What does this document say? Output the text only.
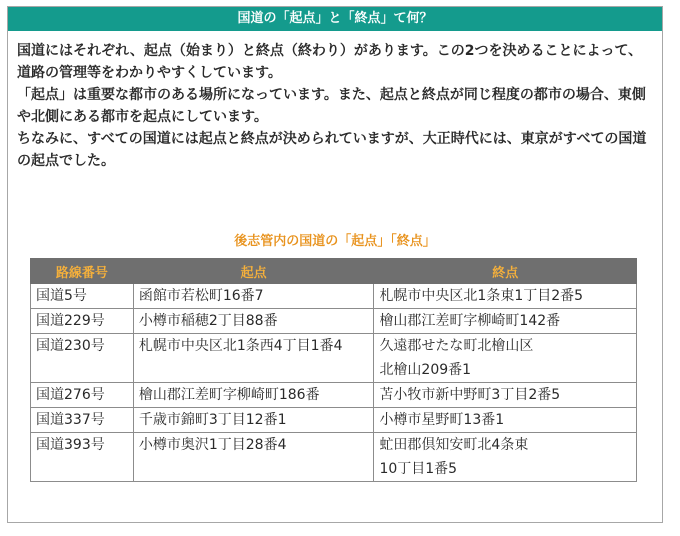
国道の「起点」と「終点」て何？

国道にはそれぞれ、起点（始まり）と終点（終わり）があります。この2つを決めることによって、道路の管理等をわかりやすくしています。

「起点」は重要な都市のある場所になっています。また、起点と終点が同じ程度の都市の場合、東側や北側にある都市を起点にしています。

ちなみに、すべての国道には起点と終点が決められていますが、大正時代には、東京がすべての国道の起点でした。

後志管内の国道の「起点」「終点」
路線番号	起点	終点
国道5号	函館市若松町16番7	札幌市中央区北1条東1丁目2番5

国道229号	小樽市稲穂2丁目88番	檜山郡江差町字柳崎町142番

国道230号	札幌市中央区北1条西4丁目1番4	久遠郡せたな町北檜山区
北檜山209番1

国道276号	檜山郡江差町字柳崎町186番	苫小牧市新中野町3丁目2番5

国道337号	千歳市錦町3丁目12番1	小樽市星野町13番1

国道393号	小樽市奥沢1丁目28番4	虻田郡倶知安町北4条東
10丁目1番5
